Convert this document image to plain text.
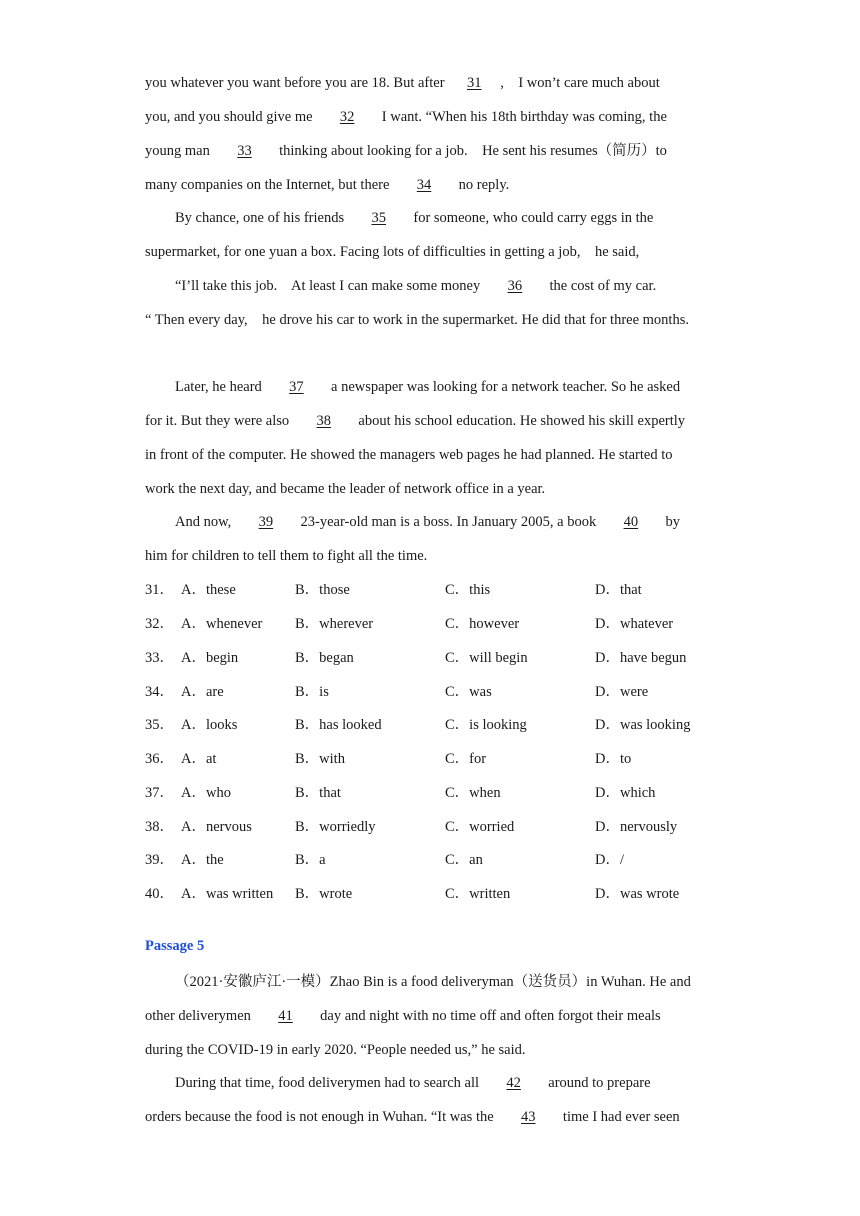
you whatever you want before you are 18. But after 31 ,    I won’t care much about
you, and you should give me 32 I want. “When his 18th birthday was coming, the
young man 33 thinking about looking for a job.    He sent his resumes（简历）to
many companies on the Internet, but there 34 no reply.
By chance, one of his friends 35 for someone, who could carry eggs in the
supermarket, for one yuan a box. Facing lots of difficulties in getting a job,    he said,
“I’ll take this job.    At least I can make some money 36 the cost of my car.
“ Then every day,    he drove his car to work in the supermarket. He did that for three months.
Later, he heard 37 a newspaper was looking for a network teacher. So he asked
for it. But they were also 38 about his school education. He showed his skill expertly
in front of the computer. He showed the managers web pages he had planned. He started to
work the next day, and became the leader of network office in a year.
And now, 39 23-year-old man is a boss. In January 2005, a book 40 by
him for children to tell them to fight all the time.
31． A．these	B．those	C．this	D．that
32． A．whenever B．wherever	C．however	D．whatever
33． A．begin	B．began	C．will begin	D．have begun
34． A．are	B．is	C．was	D．were
35． A．looks	B．has looked	C．is looking	D．was looking
36． A．at	B．with	C．for	D．to
37． A．who	B．that	C．when	D．which
38． A．nervous	B．worriedly	C．worried	D．nervously
39． A．the	B．a	C．an	D．/
40． A．was written B．wrote	C．written	D．was wrote
Passage 5
（2021·安徽庐江·一模）Zhao Bin is a food deliveryman（送货员）in Wuhan. He and
other deliverymen 41 day and night with no time off and often forgot their meals
during the COVID-19 in early 2020. “People needed us,” he said.
During that time, food deliverymen had to search all 42 around to prepare
orders because the food is not enough in Wuhan. “It was the 43 time I had ever seen
